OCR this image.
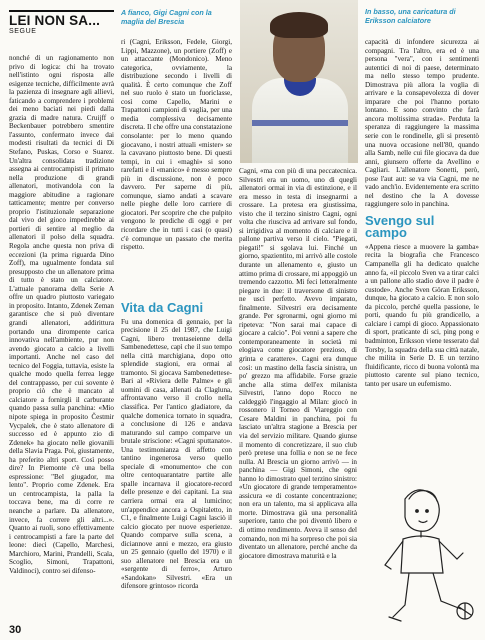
LEI NON SA...
SEGUE

nonché di un ragionamento non privo di logica: chi ha trovato nell'istinto ogni risposta alle esigenze tecniche, difficilmente avrà la pazienza di insegnare agli allievi, faticando a comprendere i problemi dei meno baciati nei piedi dalla grazia di madre natura. Cruijff o Beckenbauer potrebbero smentire l'assunto, confermato invece dai modesti risultati da tecnici di Di Stefano, Puskas, Corso e Suarez. Un'altra consolidata tradizione assegna ai centrocampisti il primato nella produzione di grandi allenatori, motivandola con la maggiore abitudine a ragionare tatticamente; mentre per converso proprio l'istituzionale separazione dal vivo del gioco impedirebbe ai portieri di sentire al meglio da allenatori il polso della squadra. Regola anche questa non priva di eccezioni (la prima riguarda Dino Zoff), ma ugualmente fondata sul presupposto che un allenatore prima di tutto è stato un calciatore. L'attuale panorama della Serie A offre un quadro piuttosto variegato in proposito. Intanto, Zdenek Zeman garantisce che si può diventare grandi allenatori, addirittura portando una dirompente carica innovativa nell'ambiente, pur non avendo giocato a calcio a livelli importanti. Anche nel caso del tecnico del Foggia, tuttavia, esiste la qualche modo quella ferrea legge del contrappasso, per cui sovente è proprio ciò che è mancato al calciatore a fornirgli il carburante quando passa sulla panchina: «Mio nipote spiega in proposito Čestmir Vycpalek, che è stato allenatore di successo ed è appunto zio di Zdenek» ha giocato nelle giovanili della Slavia Praga. Poi, giustamente, ha preferito altri sport. Così posso dire? In Piemonte c'è una bella espressione: "Bel giugador, ma lento". Proprio come Zdenek. Era un centrocampista, la palla la toccava bene, ma di corre re neanche a parlare. Da allenatore, invece, fa correre gli altri...». Quanto ai ruoli, sono effettivamente i centrocampisti a fare la parte del leone: dieci (Capello, Marchesi, Marchioro, Marini, Prandelli, Scala, Scoglio, Simoni, Trapattoni, Valdinoci), contro sei difenso-

A fianco, Gigi Cagni con la maglia del Brescia

ri (Cagni, Eriksson, Fedele, Giorgi, Lippi, Mazzone), un portiere (Zoff) e un attaccante (Mondonico). Meno categorica, ovviamente, la distribuzione secondo i livelli di qualità. È certo comunque che Zoff nel suo ruolo è stato un fuoriclasse, così come Capello, Marini e Trapattoni campioni di vaglia, per una media complessiva decisamente discreta. Il che offre una constatazione consolante: per lo meno quando giocavano, i nostri attuali «mister» se la cavavano piuttosto bene. Di questi tempi, in cui i «maghi» si sono rarefatti e il «manico» è messo sempre più in discussione, non è poco davvero. Per saperne di più, comunque, siamo andati a scavare nelle pieghe delle loro carriere di giocatori. Per scoprire che che pulpito vengono le prediche di oggi e per ricordare che in tutti i casi (o quasi) c'è comunque un passato che merita rispetto.

Vita da Cagni

Fu una domenica di gennaio, per la precisione il 25 del 1987, che Luigi Cagni, libero trentaseienne della Sambenedettese, capì che il suo tempo nella città marchigiana, dopo otto splendide stagioni, era ormai al tramonto. Si giocava Sambenedettese-Bari al «Riviera delle Palme» e gli uomini di casa, allenati da Clagluna, affrontavano verso il crollo nella classifica. Per l'antico gladiatore, da qualche domenica tornato in squadra, a conclusione di 126 e andava maturando sul campo comparve un brutale striscione: «Cagni sputtanato». Una testimonianza di affetto con tantino ingenerosa verso quello speciale di «monumento» che con oltre centoquarantatre partite alle spalle incarnava il giocatore-record delle presenze e dei capitani. La sua carriera ormai era al lumicino; un'appendice ancora a Ospitaletto, in C1, e finalmente Luigi Cagni lasciò il calcio giocato per nuove esperienze. Quando comparve sulla scena, a diciannove anni e mezzo, era giusto un 25 gennaio (quello del 1970) e il suo allenatore nel Brescia era un «sergente di ferro», Arturo «Sandokan» Silvestri. «Era un difensore grintoso» ricorda

Cagni, «ma con più di una peccatecnica. Silvestri era un uomo, uno di quegli allenatori ormai in via di estinzione, e il era messo in testa di insegnarmi a crossare. La pretesa era giustissima, visto che il terzino sinistro Cagni, ogni volta che riusciva ad arrivare sul fondo, si irrigidiva al momento di calciare e il pallone partiva verso il cielo. "Piegati, piegati!" si sgolava lui. Finché un giorno, spazientito, mi arrivò alle costole durante un allenamento e, giusto un attimo prima di crossare, mi appoggiò un tremendo cazzotto. Mi feci letteralmente piegare in due: il traversone di sinistro ne uscì perfetto. Avevo imparato, finalmente. Silvestri era decisamente grande. Per sgronarmi, ogni giorno mi ripeteva: "Non sarai mai capace di giocare a calcio". Poi venni a sapere che contemporaneamente in società mi elogiava come giocatore prezioso, di grinta e carattere». Cagni era dunque così: un mastino della fascia sinistra, un po' grezzo ma affidabile. Forse grazie anche alla stima dell'ex milanista Silvestri, l'anno dopo Rocco ne caldeggiò l'ingaggio al Milan: giocò in rossonero il Torneo di Viareggio con Cesare Maldini in panchina, poi fu lasciato un'altra stagione a Brescia per via del servizio militare. Quando giunse il momento di concretizzare, il suo club però pretese una follia e non se ne fece nulla. Al Brescia un giorno arrivò — in panchina — Gigi Simoni, che ogni hanno lo dimostrato quel terzino sinistro: «Un giocatore di grande temperamento» assicura «e di costante concentrazione; non era un talento, ma si applicava alla morte. Dimostrava già una personalità superiore, tanto che poi diventò libero e di ottimo rendimento. Aveva il senso del comando, non mi ha sorpreso che poi sia diventato un allenatore, perché anche da giocatore dimostrava maturità e la

In basso, una caricatura di Eriksson calciatore

capacità di infondere sicurezza ai compagni. Tra l'altro, era ed è una persona "vera", con i sentimenti autentici di noi di paese, determinato ma nello stesso tempo prudente. Dimostrava più allora la voglia di arrivare e la consapevolezza di dover imparare che poi l'hanno portato lontano. E sono convinto che farà ancora moltissima strada». Perduta la speranza di raggiungere la massima serie con le rondinelle, gli si presentò una nuova occasione nell'80, quando alla Samb, nelle cui file giocava da due anni, giunsero offerte da Avellino e Cagliari. L'allenatore Sonetti, però, pose l'aut aut: se va via Cagni, me ne vado anch'io. Evidentemente era scritto nel destino che la A dovesse raggiungere solo in panchina.

Svengo sul campo

«Appena riesce a muovere la gamba» recita la biografia che Francesco Campanella gli ha dedicato qualche anno fa, «il piccolo Sven va a tirar calci a un pallone allo stadio dove il padre è custode». Anche Sven Göran Eriksson, dunque, ha giocato a calcio. E non solo da piccolo, perché quella passione, le porti, quando fu più grandicello, a calciare i campi di gioco. Appassionato di sport, praticante di sci, ping pong e badminton, Eriksson viene tesserato dal Torsby, la squadra della sua città natale, che milita in Serie D. E un terzino fluidificante, ricco di buona volontà ma piuttosto carente sul piano tecnico, tanto per usare un eufemismo.

30
